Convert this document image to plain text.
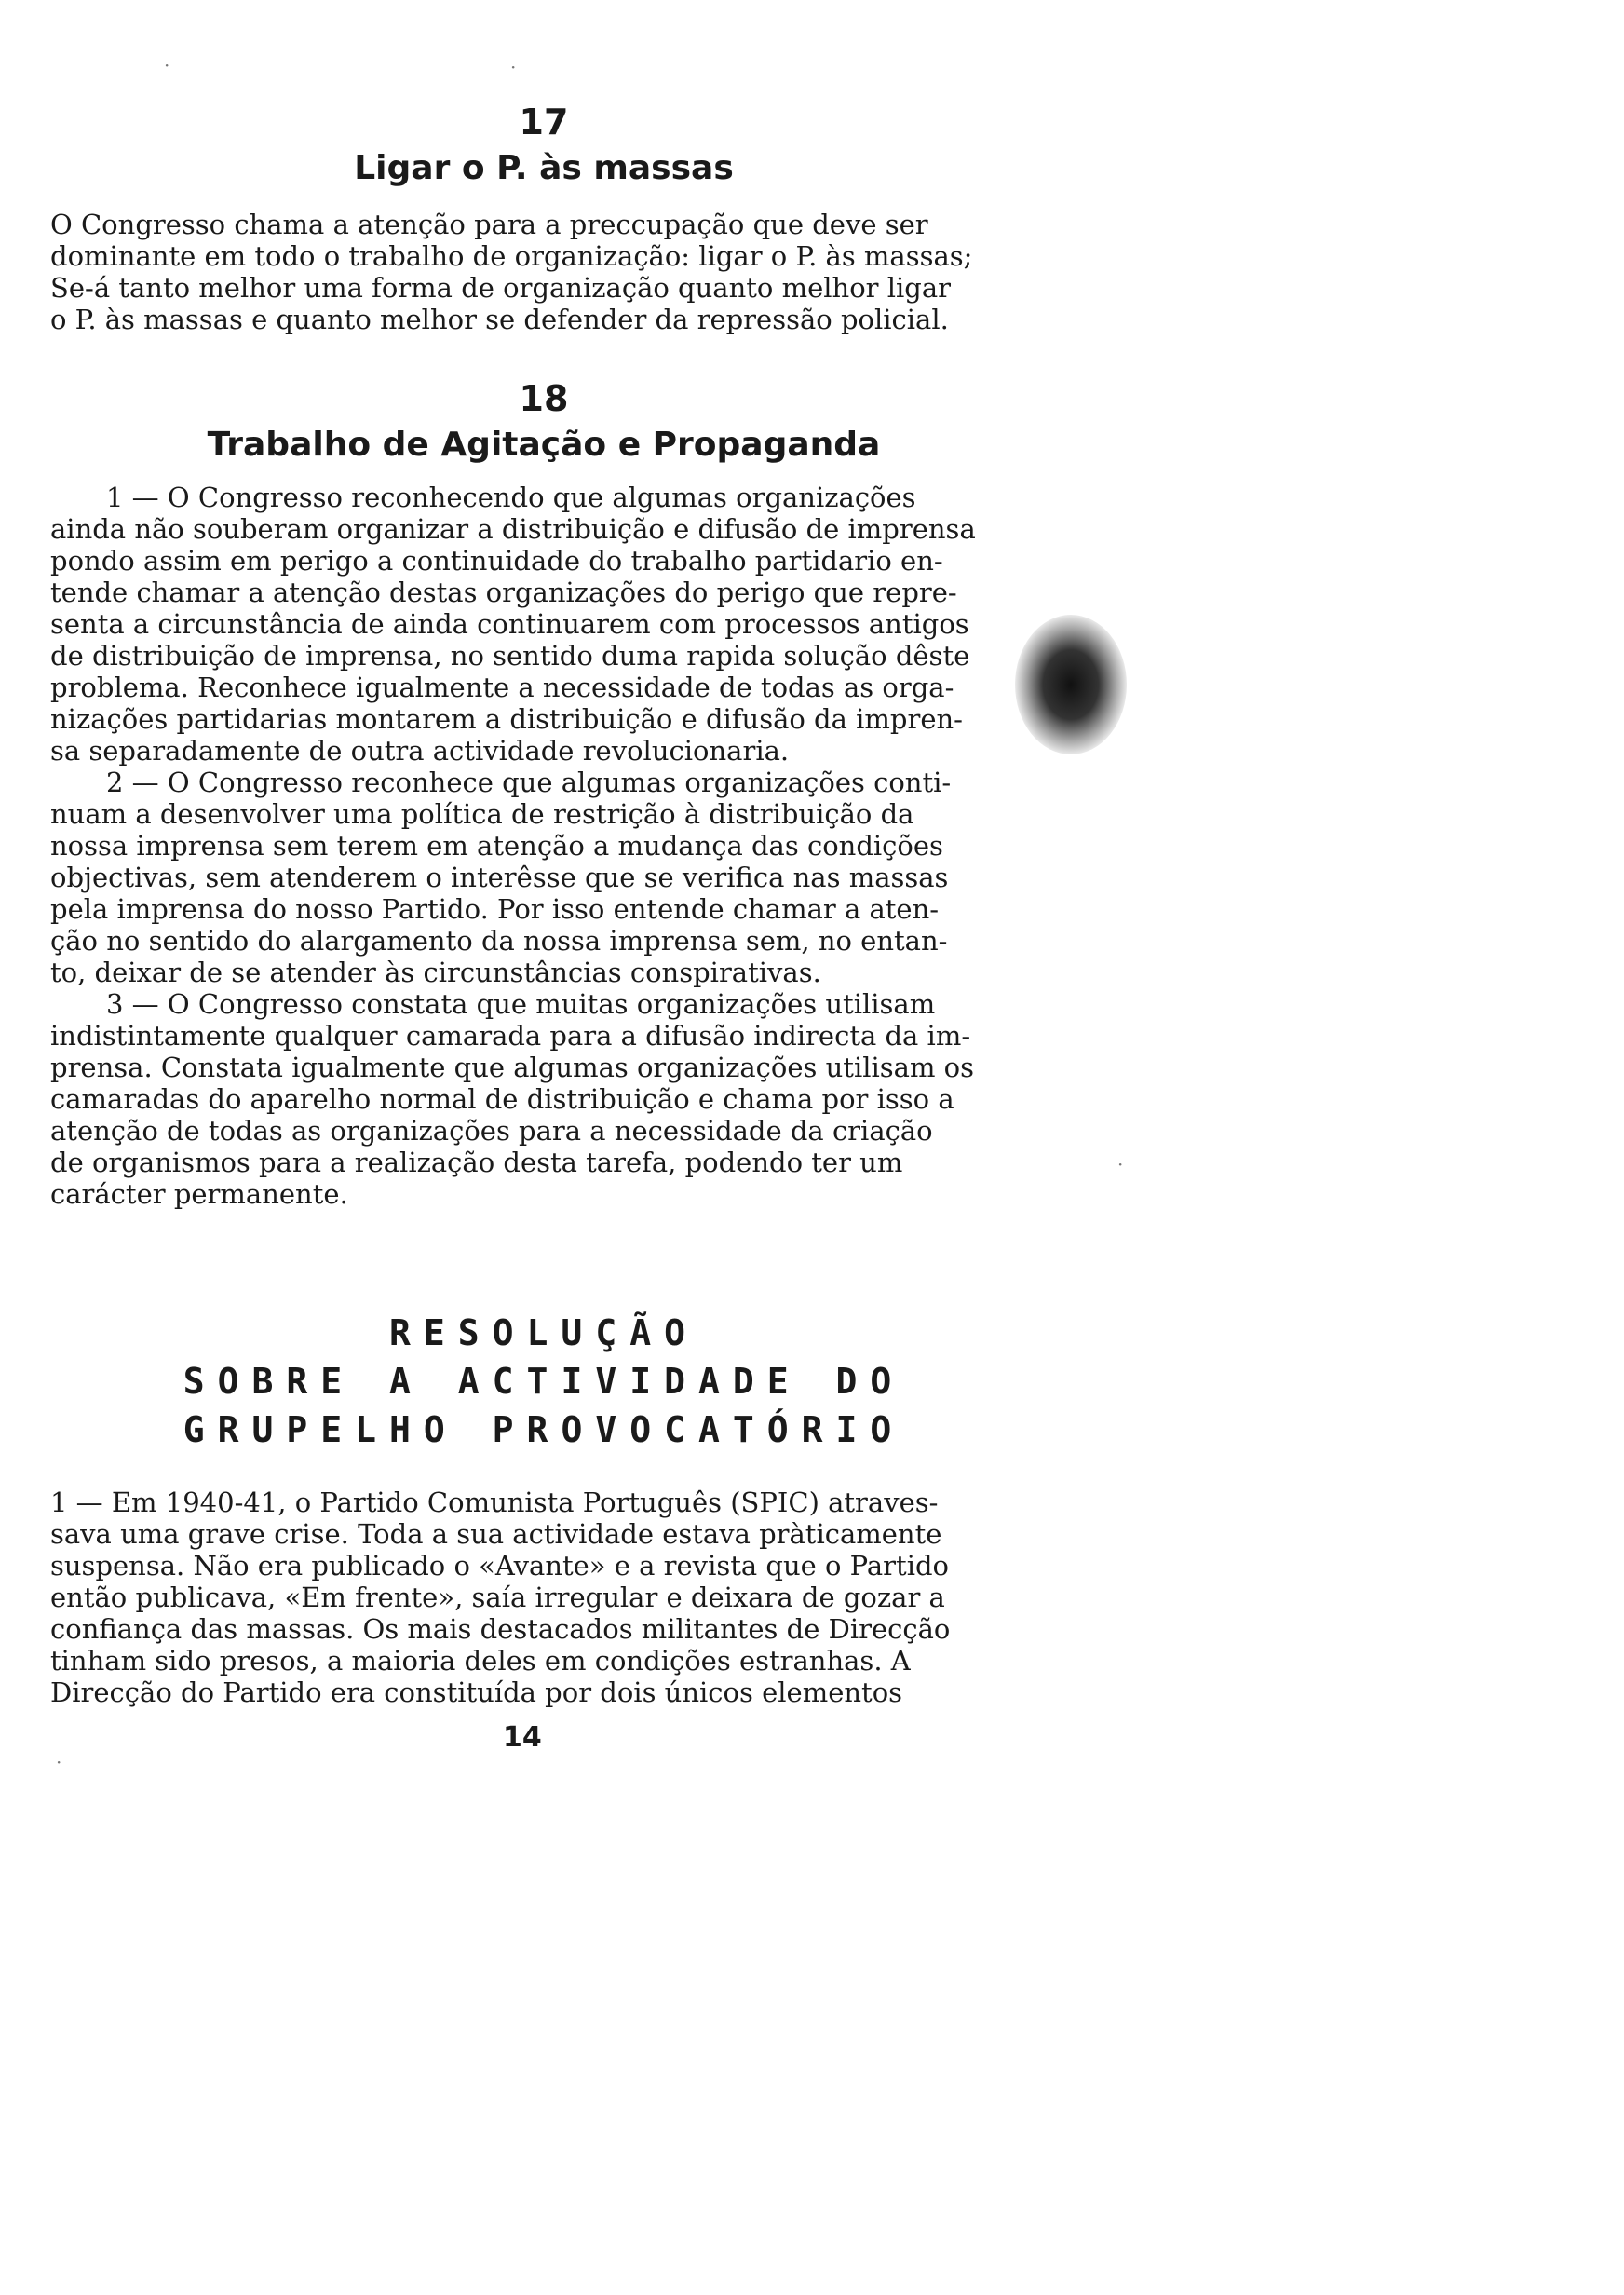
17
Ligar o P. às massas

O Congresso chama a atenção para a preccupação que deve ser

dominante em todo o trabalho de organização: ligar o P. às massas;

Se-á tanto melhor uma forma de organização quanto melhor ligar

o P. às massas e quanto melhor se defender da repressão policial.

18
Trabalho de Agitação e Propaganda

1 — O Congresso reconhecendo que algumas organizações

ainda não souberam organizar a distribuição e difusão de imprensa

pondo assim em perigo a continuidade do trabalho partidario en-

tende chamar a atenção destas organizações do perigo que repre-

senta a circunstância de ainda continuarem com processos antigos

de distribuição de imprensa, no sentido duma rapida solução dêste

problema. Reconhece igualmente a necessidade de todas as orga-

nizações partidarias montarem a distribuição e difusão da impren-

sa separadamente de outra actividade revolucionaria.

2 — O Congresso reconhece que algumas organizações conti-

nuam a desenvolver uma política de restrição à distribuição da

nossa imprensa sem terem em atenção a mudança das condições

objectivas, sem atenderem o interêsse que se verifica nas massas

pela imprensa do nosso Partido. Por isso entende chamar a aten-

ção no sentido do alargamento da nossa imprensa sem, no entan-

to, deixar de se atender às circunstâncias conspirativas.

3 — O Congresso constata que muitas organizações utilisam

indistintamente qualquer camarada para a difusão indirecta da im-

prensa. Constata igualmente que algumas organizações utilisam os

camaradas do aparelho normal de distribuição e chama por isso a

atenção de todas as organizações para a necessidade da criação

de organismos para a realização desta tarefa, podendo ter um

carácter permanente.

RESOLUÇÃO
SOBRE A ACTIVIDADE DO
GRUPELHO PROVOCATÓRIO

1 — Em 1940-41, o Partido Comunista Português (SPIC) atraves-

sava uma grave crise. Toda a sua actividade estava pràticamente

suspensa. Não era publicado o «Avante» e a revista que o Partido

então publicava, «Em frente», saía irregular e deixara de gozar a

confiança das massas. Os mais destacados militantes de Direcção

tinham sido presos, a maioria deles em condições estranhas. A

Direcção do Partido era constituída por dois únicos elementos

14
·	·
·
·
